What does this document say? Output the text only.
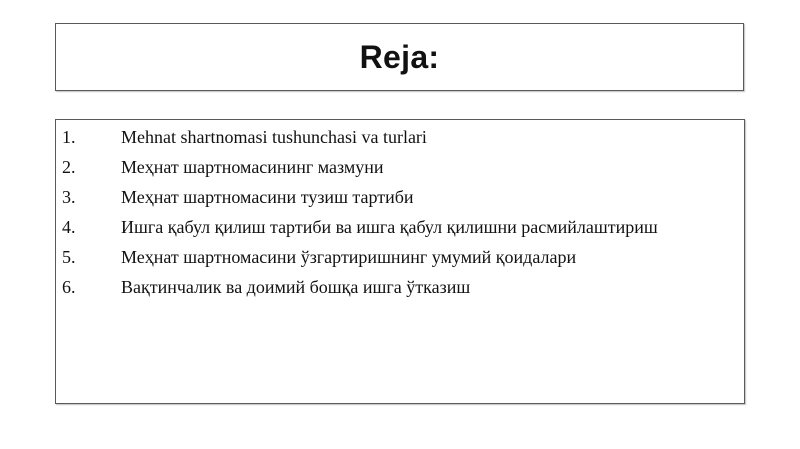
Reja:
1.	Mehnat shartnomasi tushunchasi va turlari
2.	Меҳнат шартномасининг мазмуни
3.	Меҳнат шартномасини тузиш тартиби
4.	Ишга қабул қилиш тартиби ва ишга қабул қилишни расмийлаштириш
5.	Меҳнат шартномасини ўзгартиришнинг умумий қоидалари
6.	Вақтинчалик ва доимий бошқа ишга ўтказиш
